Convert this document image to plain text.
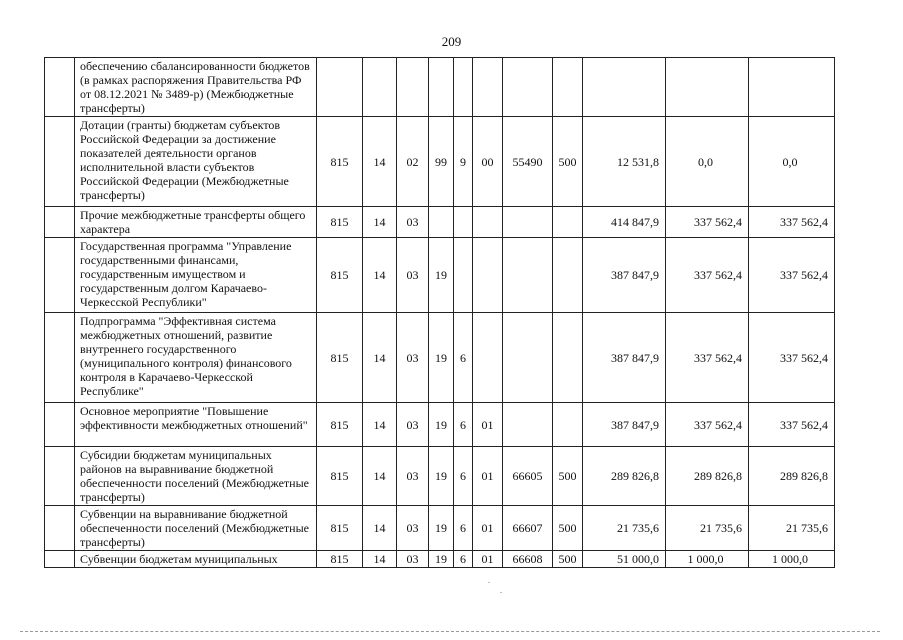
209
	обеспечению сбалансированности бюджетов (в рамках распоряжения Правительства РФ от 08.12.2021 № 3489-р) (Межбюджетные трансферты)											
	Дотации (гранты) бюджетам субъектов Российской Федерации за достижение показателей деятельности органов исполнительной власти субъектов Российской Федерации (Межбюджетные трансферты)	815	14	02	99	9	00	55490	500	12 531,8	0,0	0,0
	Прочие межбюджетные трансферты общего характера	815	14	03						414 847,9	337 562,4	337 562,4
	Государственная программа "Управление государственными финансами, государственным имуществом и государственным долгом Карачаево-Черкесской Республики"	815	14	03	19					387 847,9	337 562,4	337 562,4
	Подпрограмма "Эффективная система межбюджетных отношений, развитие внутреннего государственного (муниципального контроля) финансового контроля в Карачаево-Черкесской Республике"	815	14	03	19	6				387 847,9	337 562,4	337 562,4
	Основное мероприятие "Повышение эффективности межбюджетных отношений"	815	14	03	19	6	01			387 847,9	337 562,4	337 562,4
	Субсидии бюджетам муниципальных районов на выравнивание бюджетной обеспеченности поселений (Межбюджетные трансферты)	815	14	03	19	6	01	66605	500	289 826,8	289 826,8	289 826,8
	Субвенции на выравнивание бюджетной обеспеченности поселений (Межбюджетные трансферты)	815	14	03	19	6	01	66607	500	21 735,6	21 735,6	21 735,6
	Субвенции бюджетам муниципальных	815	14	03	19	6	01	66608	500	51 000,0	1 000,0	1 000,0
